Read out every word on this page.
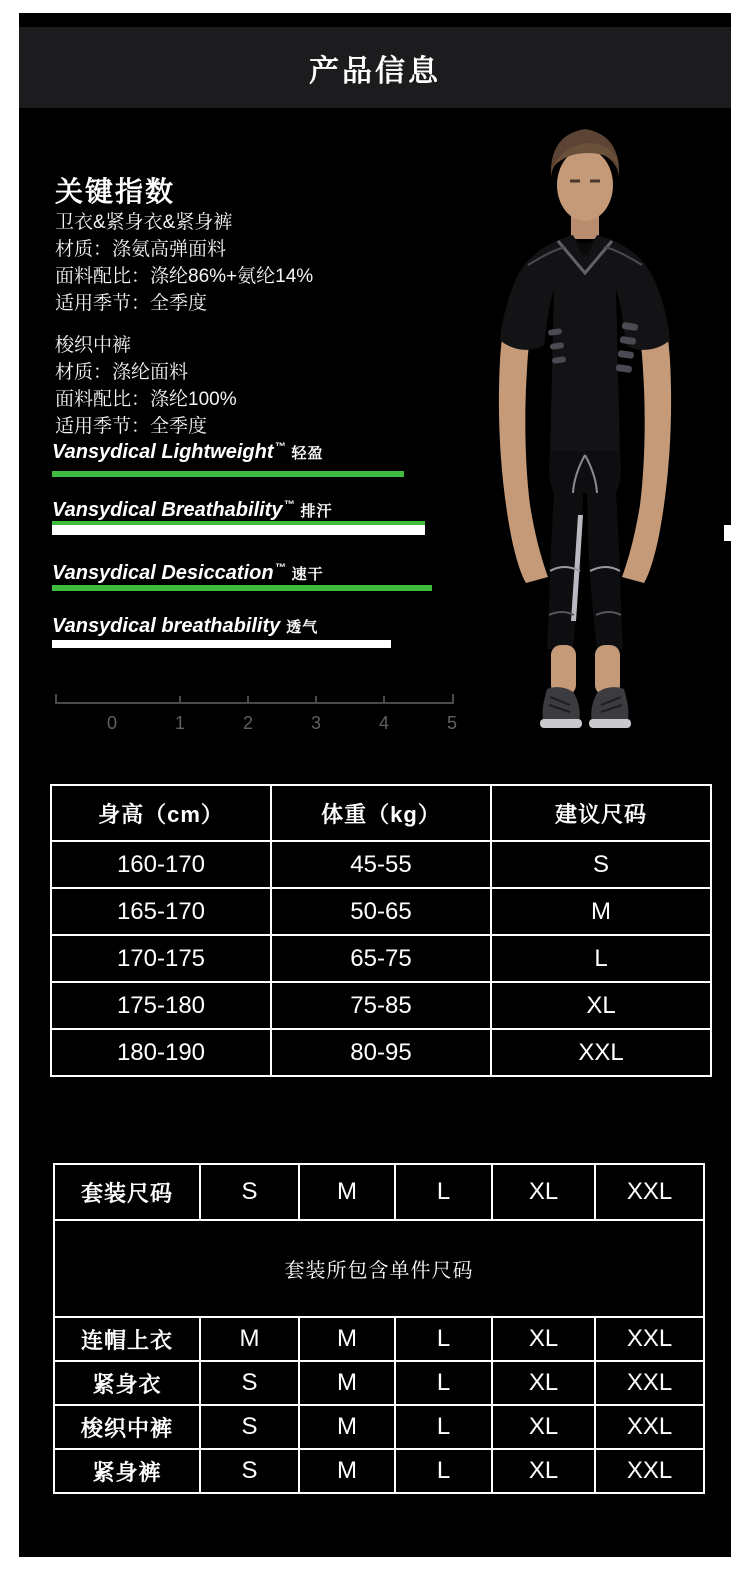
产品信息
关键指数
卫衣&紧身衣&紧身裤
材质：涤氨高弹面料
面料配比：涤纶86%+氨纶14%
适用季节：全季度
梭织中裤
材质：涤纶面料
面料配比：涤纶100%
适用季节：全季度
Vansydical Lightweight™ 轻盈
Vansydical Breathability™ 排汗
Vansydical Desiccation™ 速干
Vansydical breathability 透气
0	1	2	3	4	5
身高（cm）	体重（kg）	建议尺码
160-170	45-55	S
165-170	50-65	M
170-175	65-75	L
175-180	75-85	XL
180-190	80-95	XXL
套装尺码	S	M	L	XL	XXL
套装所包含单件尺码					
连帽上衣	M	M	L	XL	XXL
紧身衣	S	M	L	XL	XXL
梭织中裤	S	M	L	XL	XXL
紧身裤	S	M	L	XL	XXL
